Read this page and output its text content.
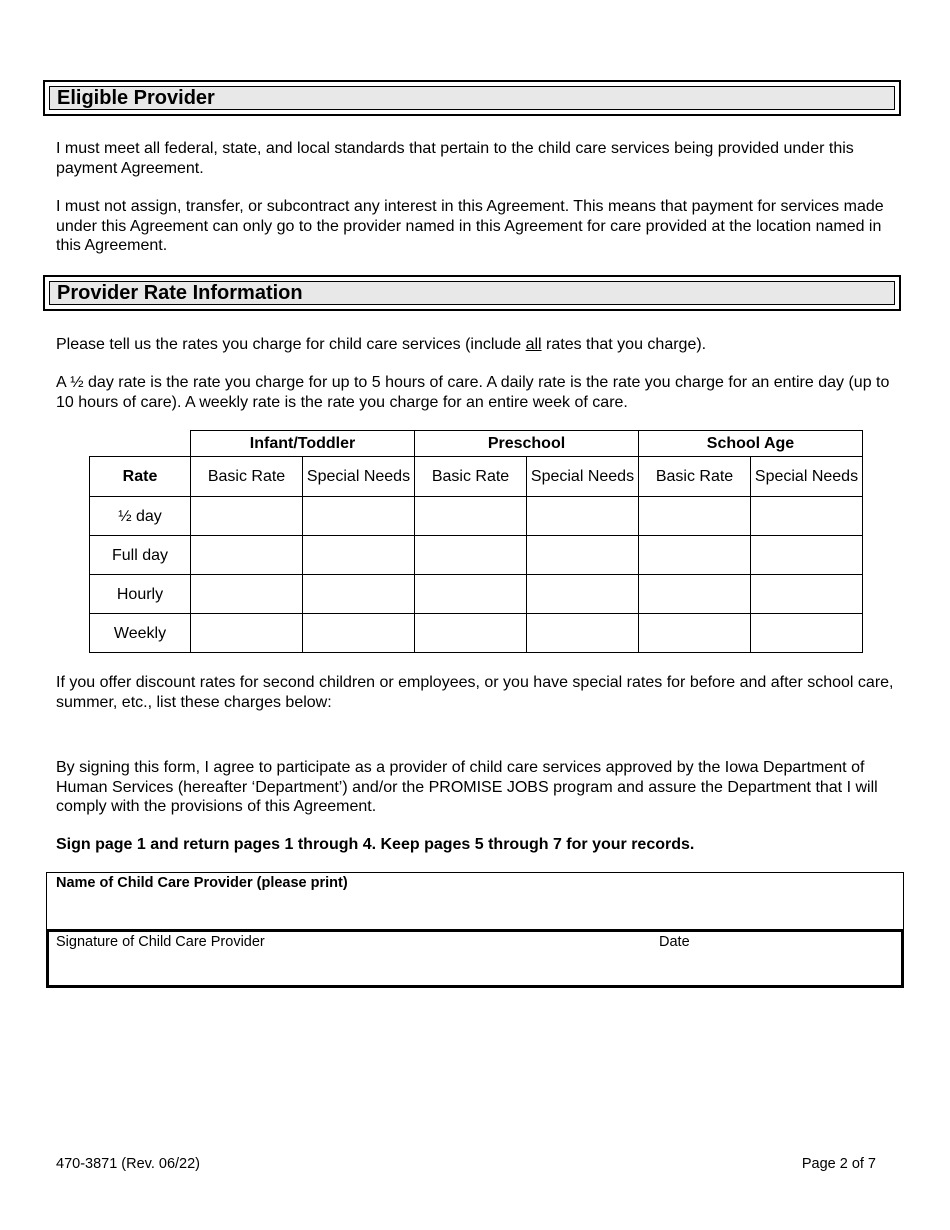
Eligible Provider

I must meet all federal, state, and local standards that pertain to the child care services being provided under this payment Agreement.

I must not assign, transfer, or subcontract any interest in this Agreement. This means that payment for services made under this Agreement can only go to the provider named in this Agreement for care provided at the location named in this Agreement.

Provider Rate Information

Please tell us the rates you charge for child care services (include all rates that you charge).

A ½ day rate is the rate you charge for up to 5 hours of care. A daily rate is the rate you charge for an entire day (up to 10 hours of care). A weekly rate is the rate you charge for an entire week of care.

	Infant/Toddler		Preschool		School Age	
Rate	Basic Rate	Special Needs	Basic Rate	Special Needs	Basic Rate	Special Needs
½ day						
Full day						
Hourly						
Weekly						

If you offer discount rates for second children or employees, or you have special rates for before and after school care, summer, etc., list these charges below:

By signing this form, I agree to participate as a provider of child care services approved by the Iowa Department of Human Services (hereafter ‘Department’) and/or the PROMISE JOBS program and assure the Department that I will comply with the provisions of this Agreement.

Sign page 1 and return pages 1 through 4. Keep pages 5 through 7 for your records.

Name of Child Care Provider (please print)
Signature of Child Care Provider	Date
470-3871 (Rev. 06/22)	Page 2 of 7
